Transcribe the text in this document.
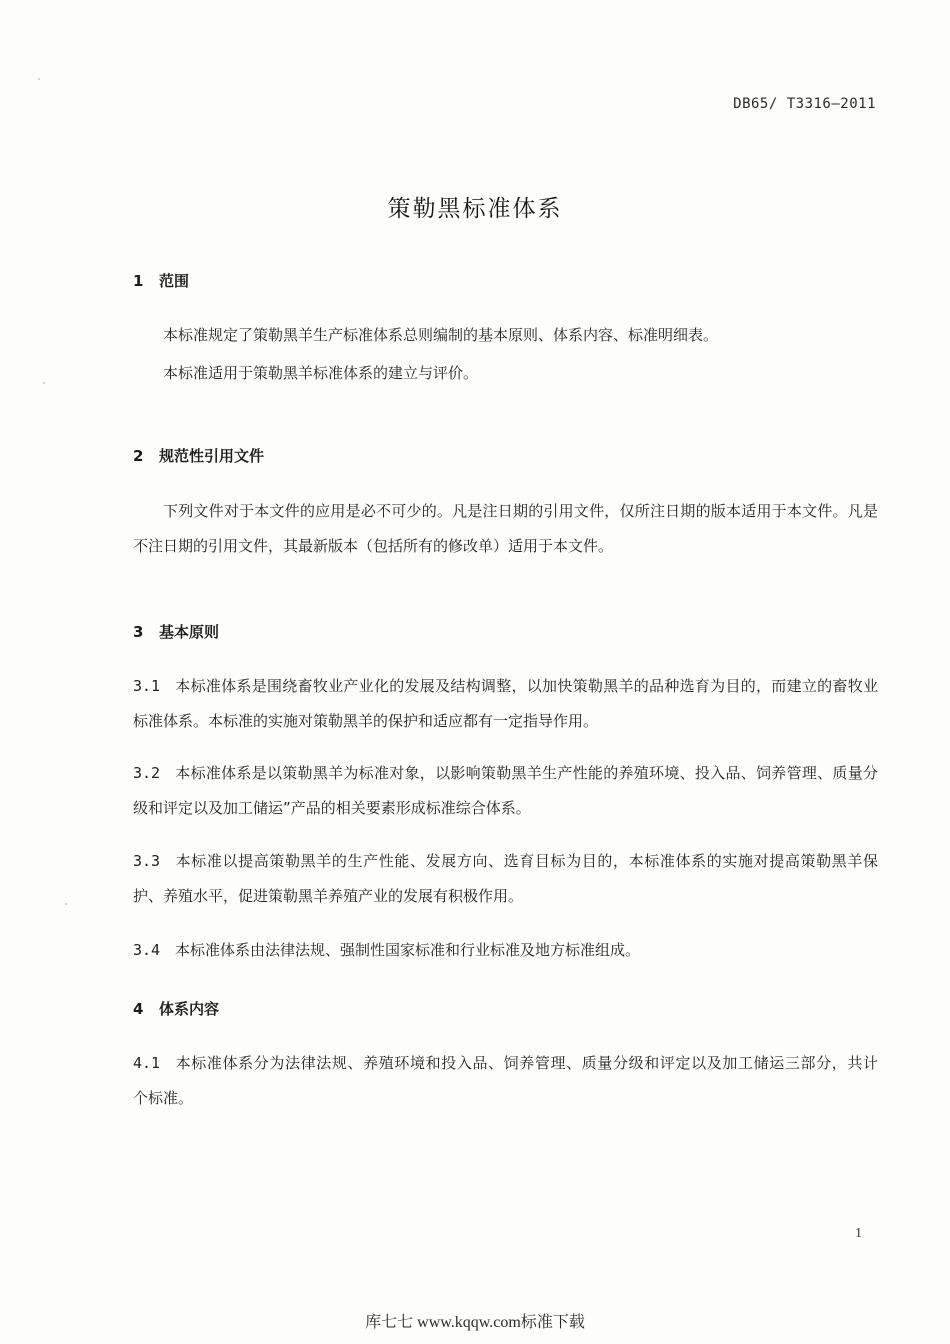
DB65/ T3316—2011
策勒黑标准体系
1 范围
本标准规定了策勒黑羊生产标准体系总则编制的基本原则、体系内容、标准明细表。
本标准适用于策勒黑羊标准体系的建立与评价。
2 规范性引用文件
下列文件对于本文件的应用是必不可少的。凡是注日期的引用文件，仅所注日期的版本适用于本文件。凡是不注日期的引用文件，其最新版本（包括所有的修改单）适用于本文件。
3 基本原则
3.1 本标准体系是围绕畜牧业产业化的发展及结构调整，以加快策勒黑羊的品种选育为目的，而建立的畜牧业标准体系。本标准的实施对策勒黑羊的保护和适应都有一定指导作用。
3.2 本标准体系是以策勒黑羊为标准对象，以影响策勒黑羊生产性能的养殖环境、投入品、饲养管理、质量分级和评定以及加工储运”产品的相关要素形成标准综合体系。
3.3 本标准以提高策勒黑羊的生产性能、发展方向、选育目标为目的，本标准体系的实施对提高策勒黑羊保护、养殖水平，促进策勒黑羊养殖产业的发展有积极作用。
3.4 本标准体系由法律法规、强制性国家标准和行业标准及地方标准组成。
4 体系内容
4.1 本标准体系分为法律法规、养殖环境和投入品、饲养管理、质量分级和评定以及加工储运三部分，共计　个标准。
1
库七七 www.kqqw.com标准下载
